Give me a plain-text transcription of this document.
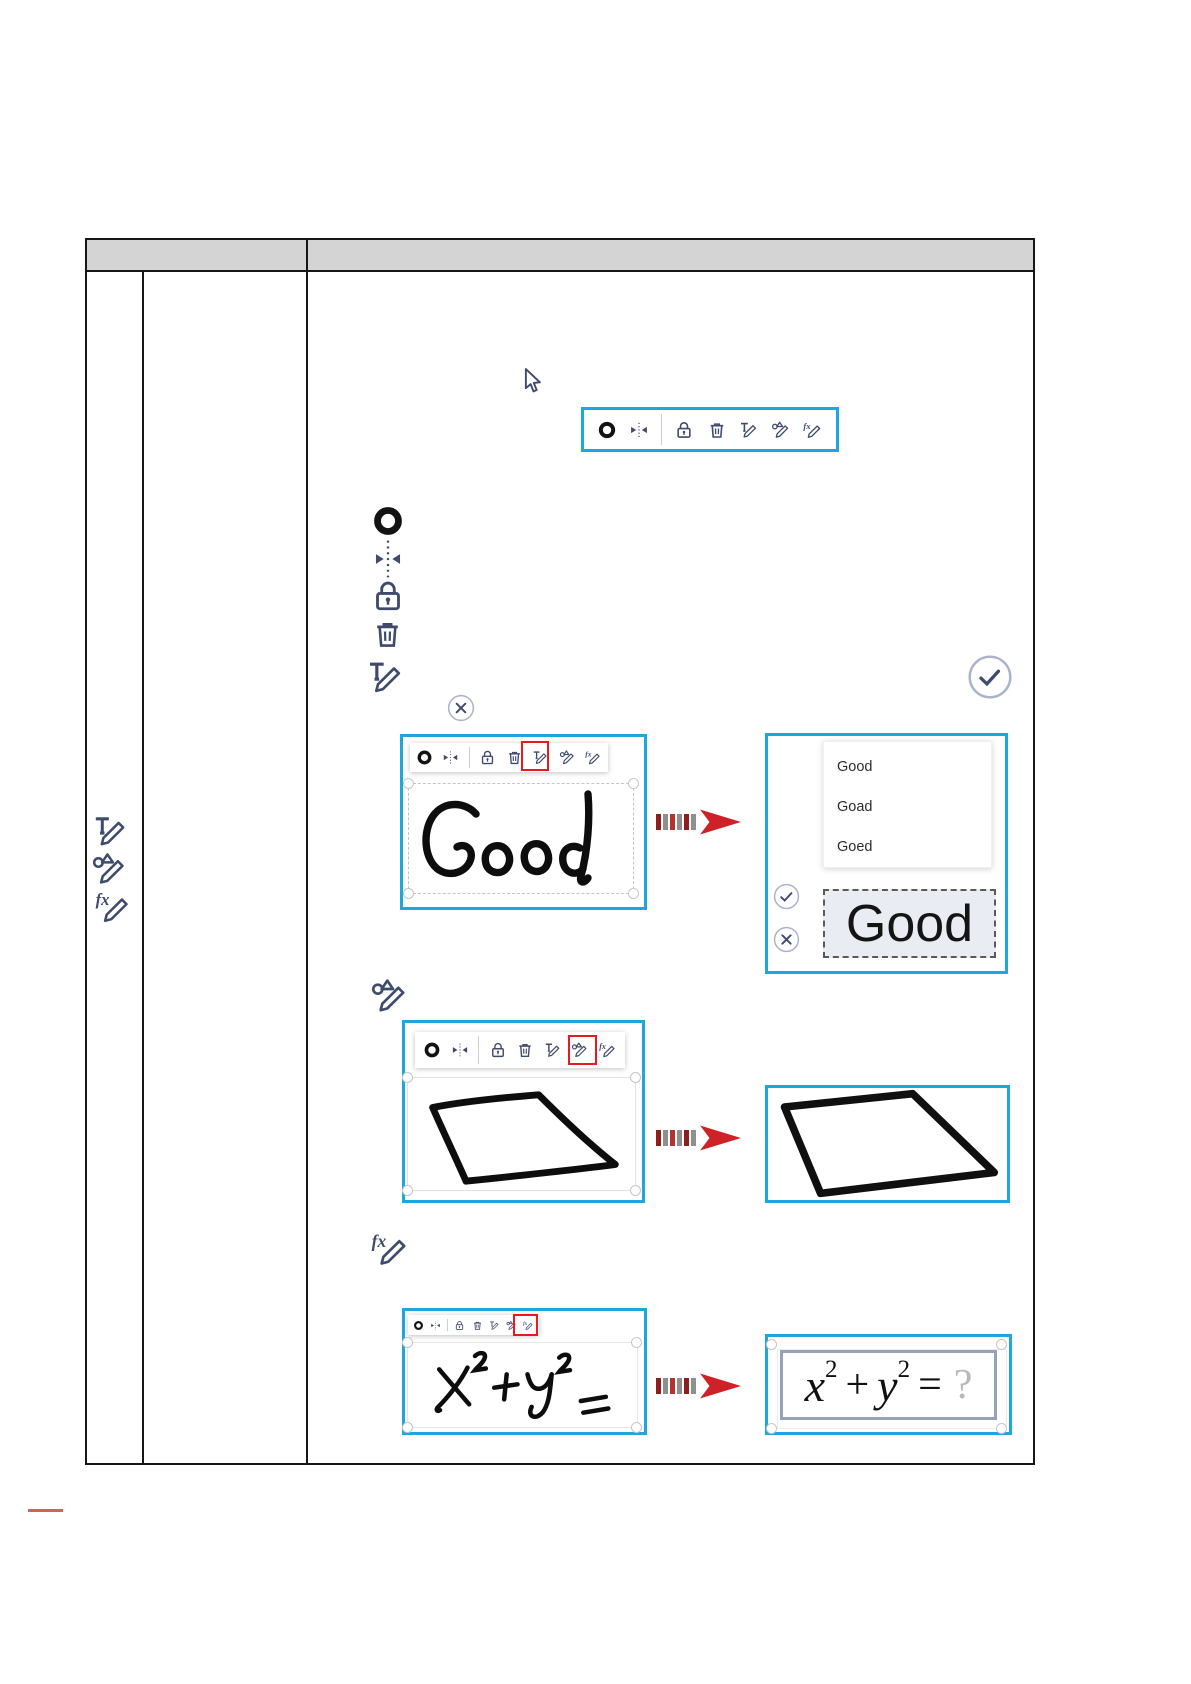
Good
Goad
Goed
Good
$x^2 + y^2$ = ?
